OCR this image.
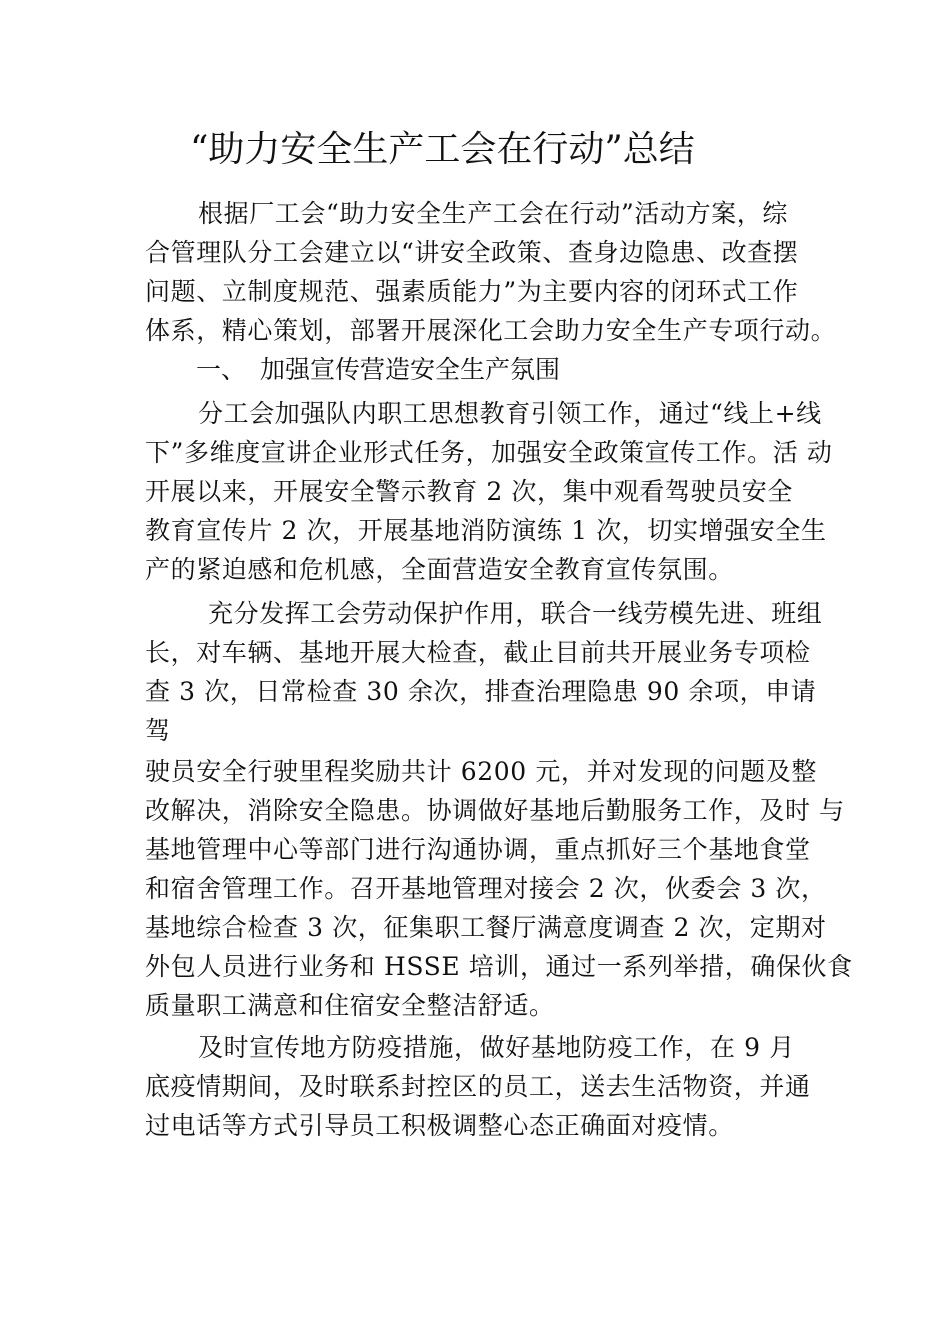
“助力安全生产工会在行动”总结
根据厂工会“助力安全生产工会在行动”活动方案，综
合管理队分工会建立以“讲安全政策、查身边隐患、改查摆
问题、立制度规范、强素质能力”为主要内容的闭环式工作
体系，精心策划，部署开展深化工会助力安全生产专项行动。
一、 加强宣传营造安全生产氛围
分工会加强队内职工思想教育引领工作，通过“线上+线
下”多维度宣讲企业形式任务，加强安全政策宣传工作。活 动
开展以来，开展安全警示教育 2 次，集中观看驾驶员安全
教育宣传片 2 次，开展基地消防演练 1 次，切实增强安全生
产的紧迫感和危机感，全面营造安全教育宣传氛围。
充分发挥工会劳动保护作用，联合一线劳模先进、班组
长，对车辆、基地开展大检查，截止目前共开展业务专项检
查 3 次，日常检查 30 余次，排查治理隐患 90 余项，申请
驾
驶员安全行驶里程奖励共计 6200 元，并对发现的问题及整
改解决，消除安全隐患。协调做好基地后勤服务工作，及时 与
基地管理中心等部门进行沟通协调，重点抓好三个基地食堂
和宿舍管理工作。召开基地管理对接会 2 次，伙委会 3 次，
基地综合检查 3 次，征集职工餐厅满意度调查 2 次，定期对
外包人员进行业务和 HSSE 培训，通过一系列举措，确保伙食
质量职工满意和住宿安全整洁舒适。
及时宣传地方防疫措施，做好基地防疫工作，在 9 月
底疫情期间，及时联系封控区的员工，送去生活物资，并通
过电话等方式引导员工积极调整心态正确面对疫情。
